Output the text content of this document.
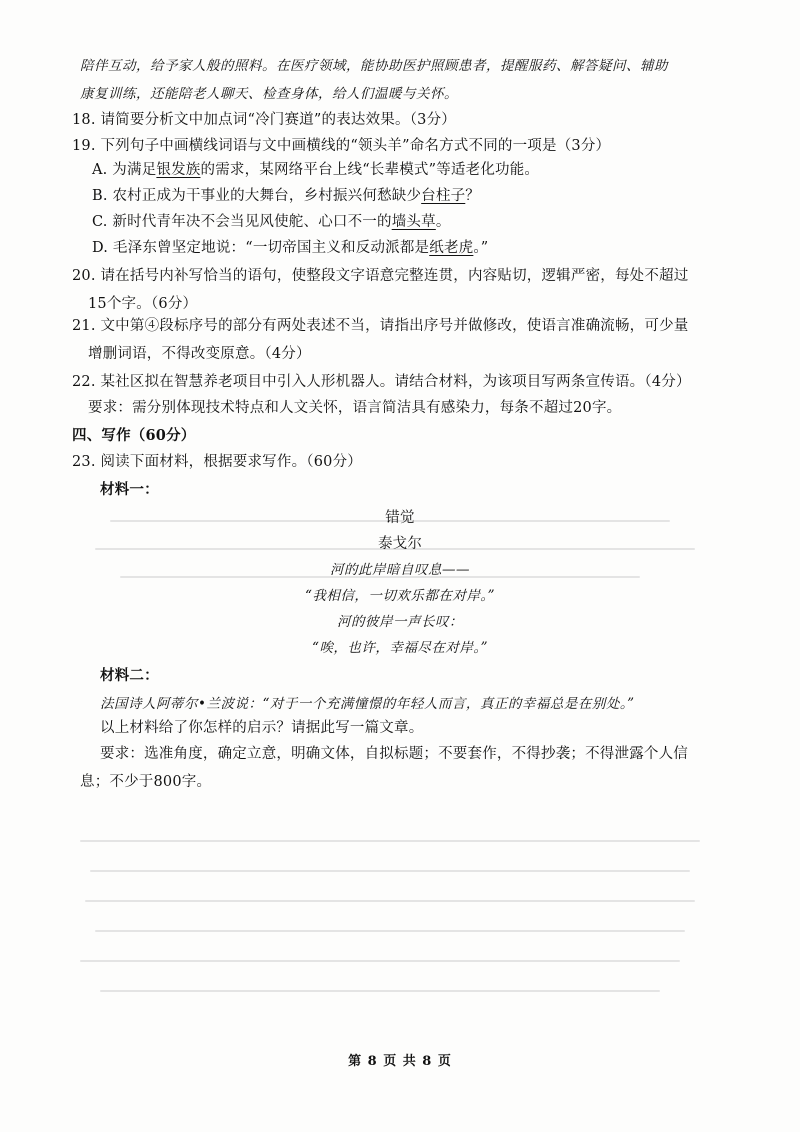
陪伴互动，给予家人般的照料。在医疗领域，能协助医护照顾患者，提醒服药、解答疑问、辅助
康复训练，还能陪老人聊天、检查身体，给人们温暖与关怀。
18. 请简要分析文中加点词“冷门赛道”的表达效果。（3分）
19. 下列句子中画横线词语与文中画横线的“领头羊”命名方式不同的一项是（3分）
A. 为满足银发族的需求，某网络平台上线“长辈模式”等适老化功能。
B. 农村正成为干事业的大舞台，乡村振兴何愁缺少台柱子？
C. 新时代青年决不会当见风使舵、心口不一的墙头草。
D. 毛泽东曾坚定地说：“一切帝国主义和反动派都是纸老虎。”
20. 请在括号内补写恰当的语句，使整段文字语意完整连贯，内容贴切，逻辑严密，每处不超过
15个字。（6分）
21. 文中第④段标序号的部分有两处表述不当，请指出序号并做修改，使语言准确流畅，可少量
增删词语，不得改变原意。（4分）
22. 某社区拟在智慧养老项目中引入人形机器人。请结合材料，为该项目写两条宣传语。（4分）
要求：需分别体现技术特点和人文关怀，语言简洁具有感染力，每条不超过20字。
四、写作（60分）
23. 阅读下面材料，根据要求写作。（60分）
材料一：
错觉
泰戈尔
河的此岸暗自叹息——
“我相信，一切欢乐都在对岸。”
河的彼岸一声长叹：
“唉，也许，幸福尽在对岸。”
材料二：
法国诗人阿蒂尔•兰波说：“对于一个充满憧憬的年轻人而言，真正的幸福总是在别处。”
以上材料给了你怎样的启示？请据此写一篇文章。
要求：选准角度，确定立意，明确文体，自拟标题；不要套作，不得抄袭；不得泄露个人信
息；不少于800字。
第 8 页 共 8 页
